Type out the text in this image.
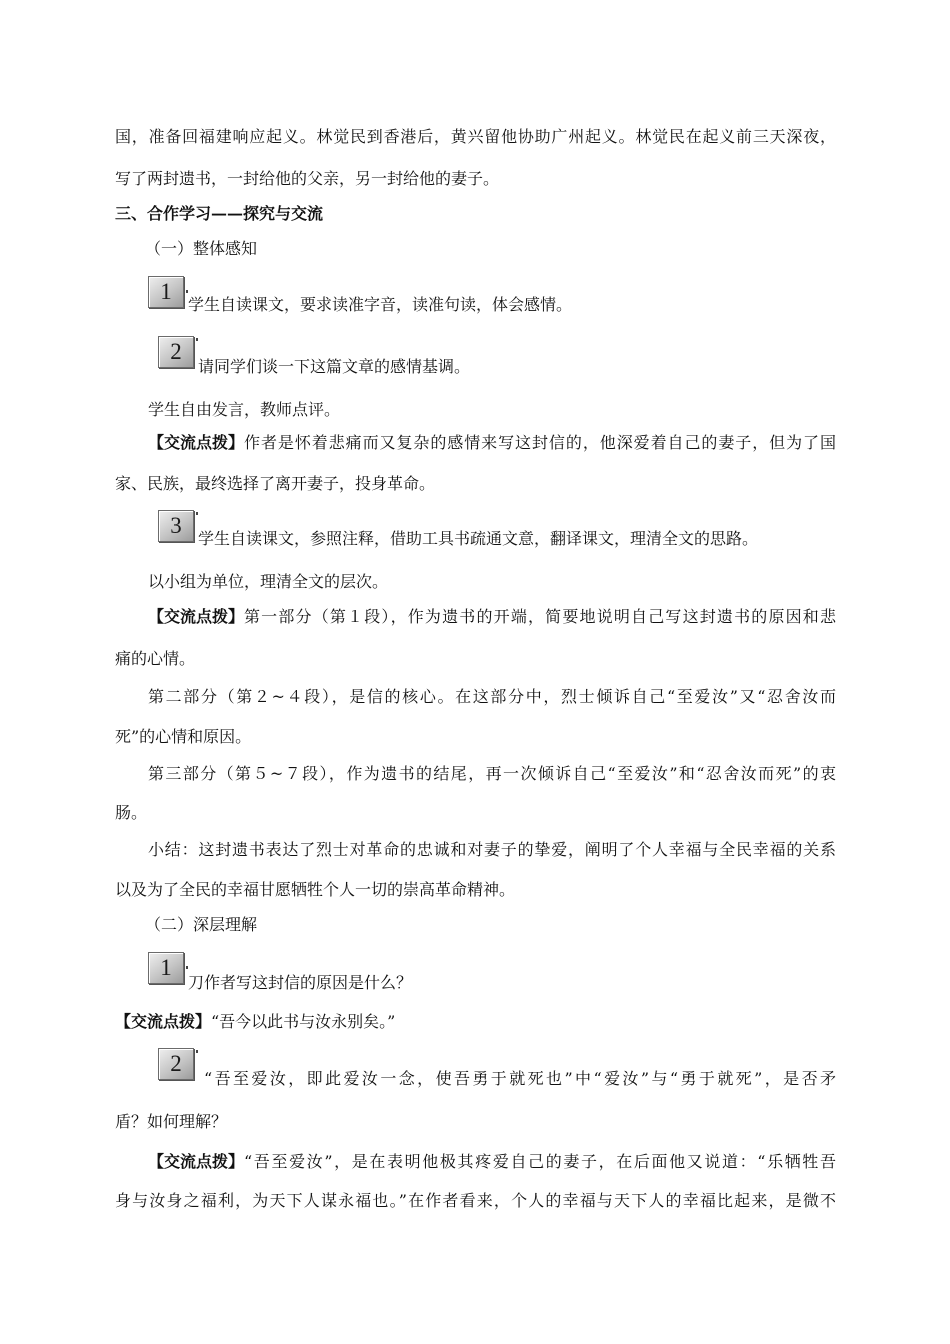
国，准备回福建响应起义。林觉民到香港后，黄兴留他协助广州起义。林觉民在起义前三天深夜，
写了两封遗书，一封给他的父亲，另一封给他的妻子。
三、合作学习——探究与交流
（一）整体感知
1
学生自读课文，要求读准字音，读准句读，体会感情。
2
请同学们谈一下这篇文章的感情基调。
学生自由发言，教师点评。
【交流点拨】 作者是怀着悲痛而又复杂的感情来写这封信的，他深爱着自己的妻子，但为了国
家、民族，最终选择了离开妻子，投身革命。
3
学生自读课文，参照注释，借助工具书疏通文意，翻译课文，理清全文的思路。
以小组为单位，理清全文的层次。
【交流点拨】 第一部分（第１段），作为遗书的开端，简要地说明自己写这封遗书的原因和悲
痛的心情。
第二部分（第２~４段），是信的核心。在这部分中，烈士倾诉自己“至爱汝”又“忍舍汝而
死”的心情和原因。
第三部分（第５~７段），作为遗书的结尾，再一次倾诉自己“至爱汝”和“忍舍汝而死”的衷
肠。
小结：这封遗书表达了烈士对革命的忠诚和对妻子的挚爱，阐明了个人幸福与全民幸福的关系
以及为了全民的幸福甘愿牺牲个人一切的崇高革命精神。
（二）深层理解
1
刀作者写这封信的原因是什么？
【交流点拨】 “吾今以此书与汝永别矣。”
2
“吾至爱汝，即此爱汝一念，使吾勇于就死也”中“爱汝”与“勇于就死”，是否矛
盾？如何理解？
【交流点拨】 “吾至爱汝”，是在表明他极其疼爱自己的妻子，在后面他又说道：“乐牺牲吾
身与汝身之福利，为天下人谋永福也。”在作者看来，个人的幸福与天下人的幸福比起来，是微不
